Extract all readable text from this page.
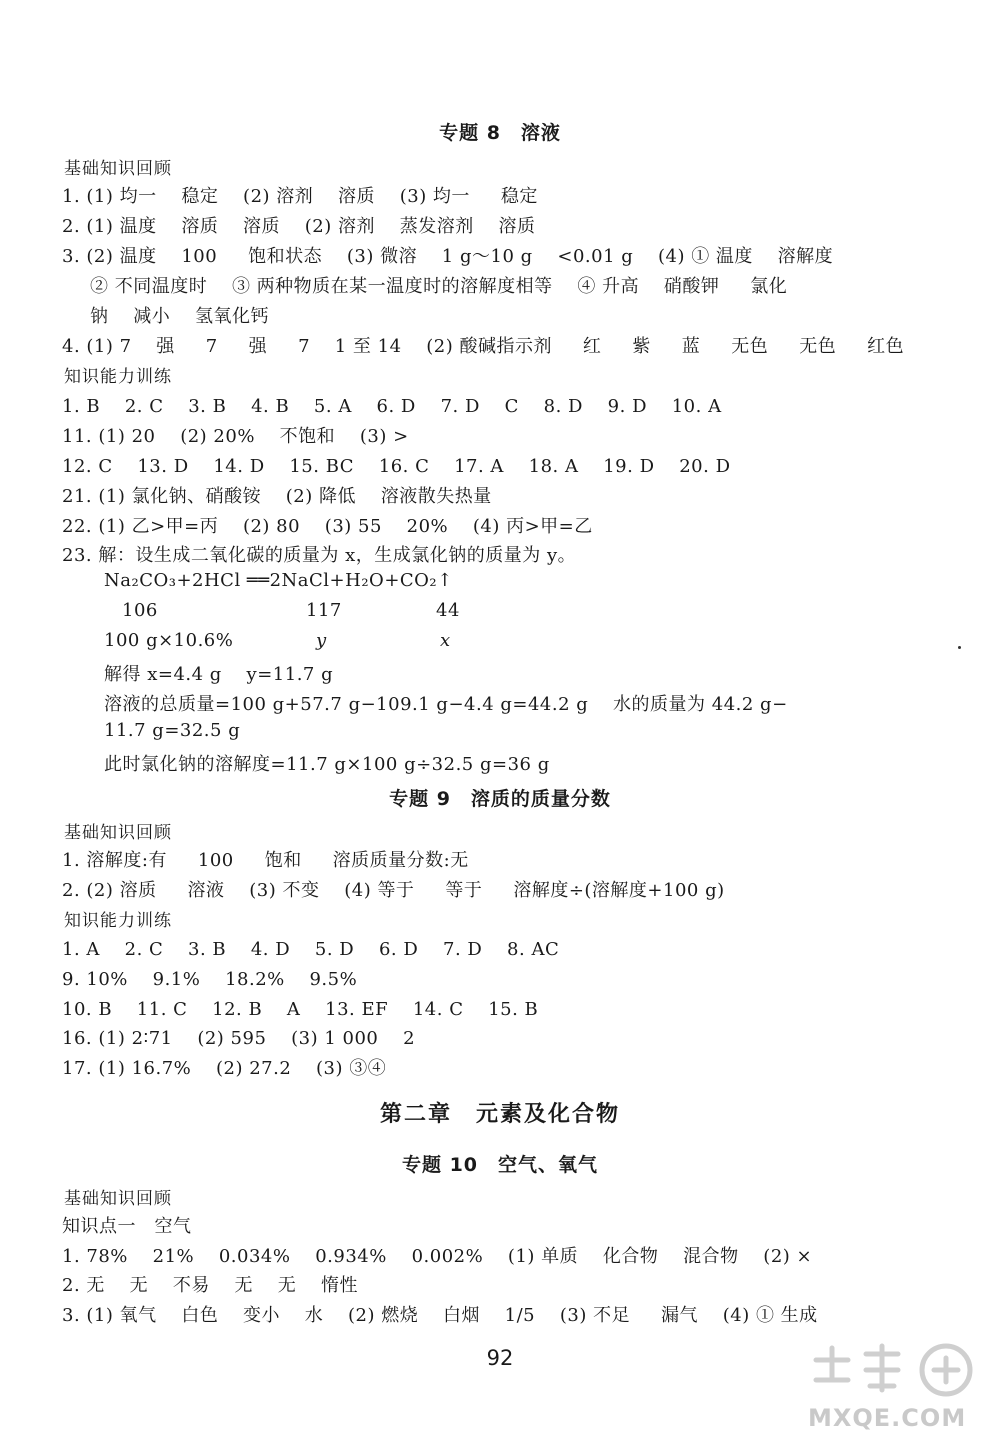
专题 8　溶液
基础知识回顾
1. (1) 均一　 稳定 　(2) 溶剂 　溶质 　(3) 均一 　 稳定
2. (1) 温度 　溶质 　溶质 　(2) 溶剂 　蒸发溶剂 　溶质
3. (2) 温度　 100 　 饱和状态 　(3) 微溶 　1 g～10 g 　<0.01 g 　(4) ① 温度　 溶解度
② 不同温度时 　③ 两种物质在某一温度时的溶解度相等 　④ 升高　 硝酸钾 　 氯化
钠 　减小 　氢氧化钙
4. (1) 7 　强 　 7 　 强 　 7 　1 至 14 　(2) 酸碱指示剂 　 红 　 紫 　 蓝 　 无色 　 无色 　 红色
知识能力训练
1. B 　2. C 　3. B 　4. B 　5. A 　6. D 　7. D 　C 　8. D 　9. D 　10. A
11. (1) 20 　(2) 20% 　不饱和 　(3) >
12. C 　13. D 　14. D 　15. BC 　16. C 　17. A 　18. A 　19. D 　20. D
21. (1) 氯化钠、硝酸铵 　(2) 降低 　溶液散失热量
22. (1) 乙>甲=丙 　(2) 80 　(3) 55 　20% 　(4) 丙>甲=乙
23. 解：设生成二氧化碳的质量为 x，生成氯化钠的质量为 y。
Na₂CO₃+2HCl ══2NaCl+H₂O+CO₂↑
106	117	44
100 g×10.6%	y	x
解得 x=4.4 g 　y=11.7 g
溶液的总质量=100 g+57.7 g−109.1 g−4.4 g=44.2 g 　水的质量为 44.2 g−
11.7 g=32.5 g
此时氯化钠的溶解度=11.7 g×100 g÷32.5 g=36 g
专题 9　溶质的质量分数
基础知识回顾
1. 溶解度:有 　 100 　 饱和 　 溶质质量分数:无
2. (2) 溶质 　 溶液 　(3) 不变 　(4) 等于 　 等于 　 溶解度÷(溶解度+100 g)
知识能力训练
1. A 　2. C 　3. B 　4. D 　5. D 　6. D 　7. D 　8. AC
9. 10% 　9.1% 　18.2% 　9.5%
10. B 　11. C 　12. B 　A 　13. EF 　14. C 　15. B
16. (1) 2∶71 　(2) 595 　(3) 1 000 　2
17. (1) 16.7% 　(2) 27.2 　(3) ③④
第二章　元素及化合物
专题 10　空气、氧气
基础知识回顾
知识点一　空气
1. 78% 　21% 　0.034% 　0.934% 　0.002% 　(1) 单质 　化合物 　混合物 　(2) ×
2. 无 　无 　不易 　无 　无 　惰性
3. (1) 氧气 　白色 　变小 　水 　(2) 燃烧 　白烟 　1/5 　(3) 不足 　 漏气 　(4) ① 生成
92
MXQE.COM
